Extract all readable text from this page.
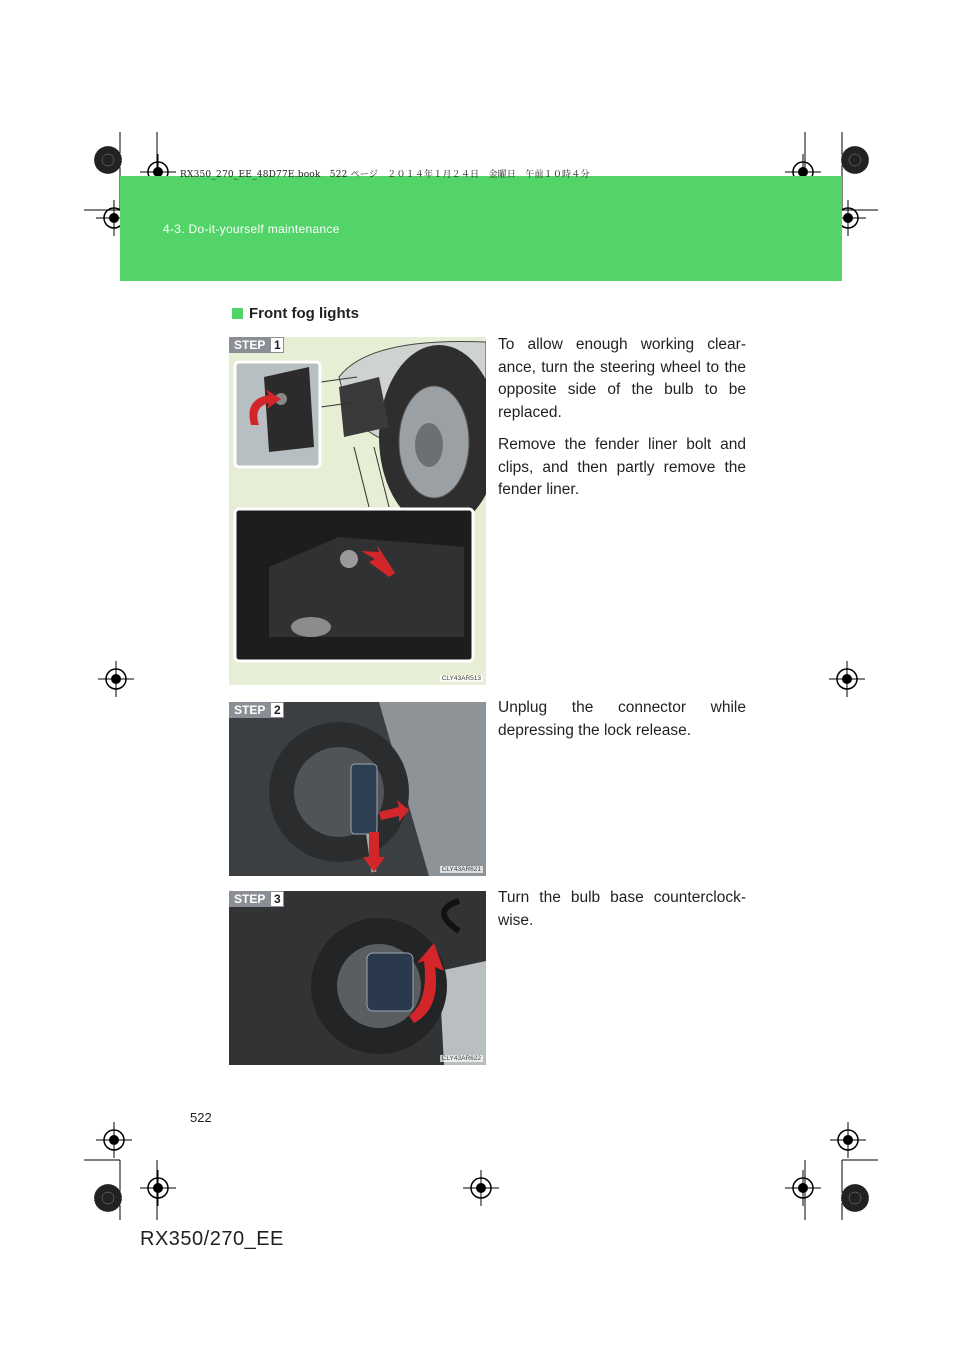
RX350_270_EE_48D77E.book　522 ページ　２０１４年１月２４日　金曜日　午前１０時４分
4-3. Do-it-yourself maintenance
Front fog lights
STEP 1
CLY43AR513
To allow enough working clear-ance, turn the steering wheel to the opposite side of the bulb to be replaced.
Remove the fender liner bolt and clips, and then partly remove the fender liner.
STEP 2
CLY43AR621
Unplug the connector while depressing the lock release.
STEP 3
CLY43AR622
Turn the bulb base counterclock-wise.
522
RX350/270_EE
